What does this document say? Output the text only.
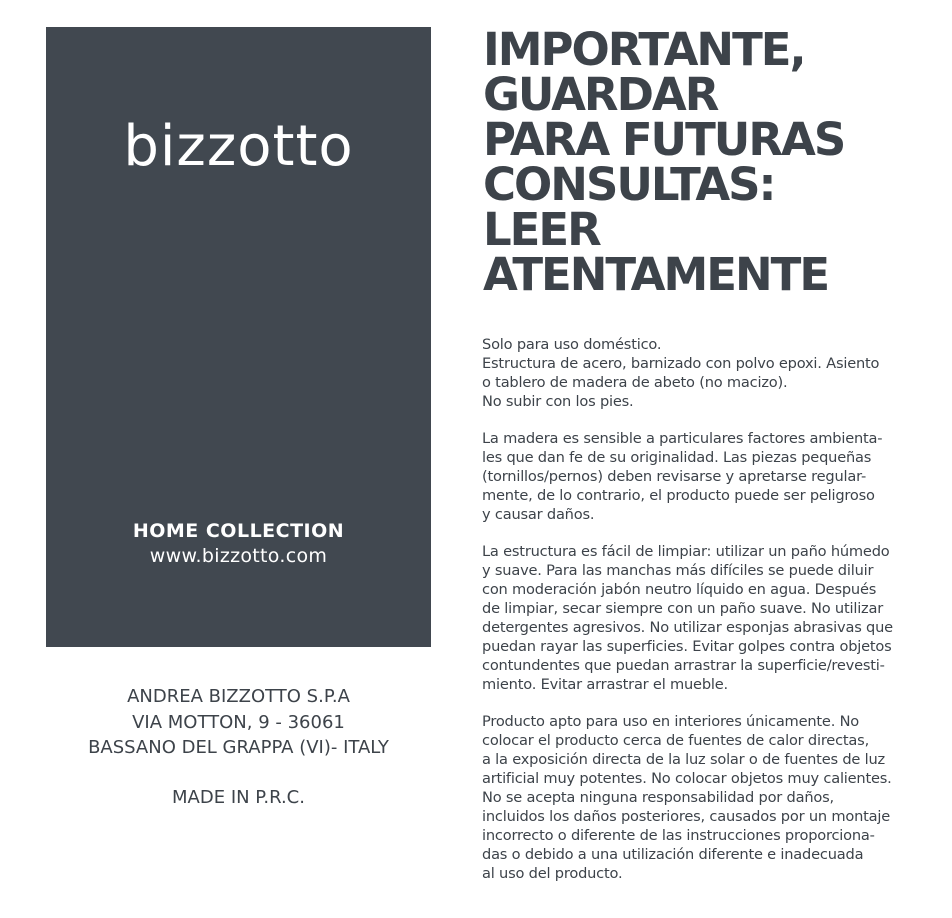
bizzotto
HOME COLLECTION
www.bizzotto.com
ANDREA BIZZOTTO S.P.A
VIA MOTTON, 9 - 36061
BASSANO DEL GRAPPA (VI)- ITALY
MADE IN P.R.C.
IMPORTANTE,
GUARDAR
PARA FUTURAS
CONSULTAS:
LEER
ATENTAMENTE

Solo para uso doméstico.
Estructura de acero, barnizado con polvo epoxi. Asiento
o tablero de madera de abeto (no macizo).
No subir con los pies.

La madera es sensible a particulares factores ambienta-
les que dan fe de su originalidad. Las piezas pequeñas
(tornillos/pernos) deben revisarse y apretarse regular-
mente, de lo contrario, el producto puede ser peligroso
y causar daños.

La estructura es fácil de limpiar: utilizar un paño húmedo
y suave. Para las manchas más difíciles se puede diluir
con moderación jabón neutro líquido en agua. Después
de limpiar, secar siempre con un paño suave. No utilizar
detergentes agresivos. No utilizar esponjas abrasivas que
puedan rayar las superficies. Evitar golpes contra objetos
contundentes que puedan arrastrar la superficie/revesti-
miento. Evitar arrastrar el mueble.

Producto apto para uso en interiores únicamente. No
colocar el producto cerca de fuentes de calor directas,
a la exposición directa de la luz solar o de fuentes de luz
artificial muy potentes. No colocar objetos muy calientes.
No se acepta ninguna responsabilidad por daños,
incluidos los daños posteriores, causados por un montaje
incorrecto o diferente de las instrucciones proporciona-
das o debido a una utilización diferente e inadecuada
al uso del producto.
